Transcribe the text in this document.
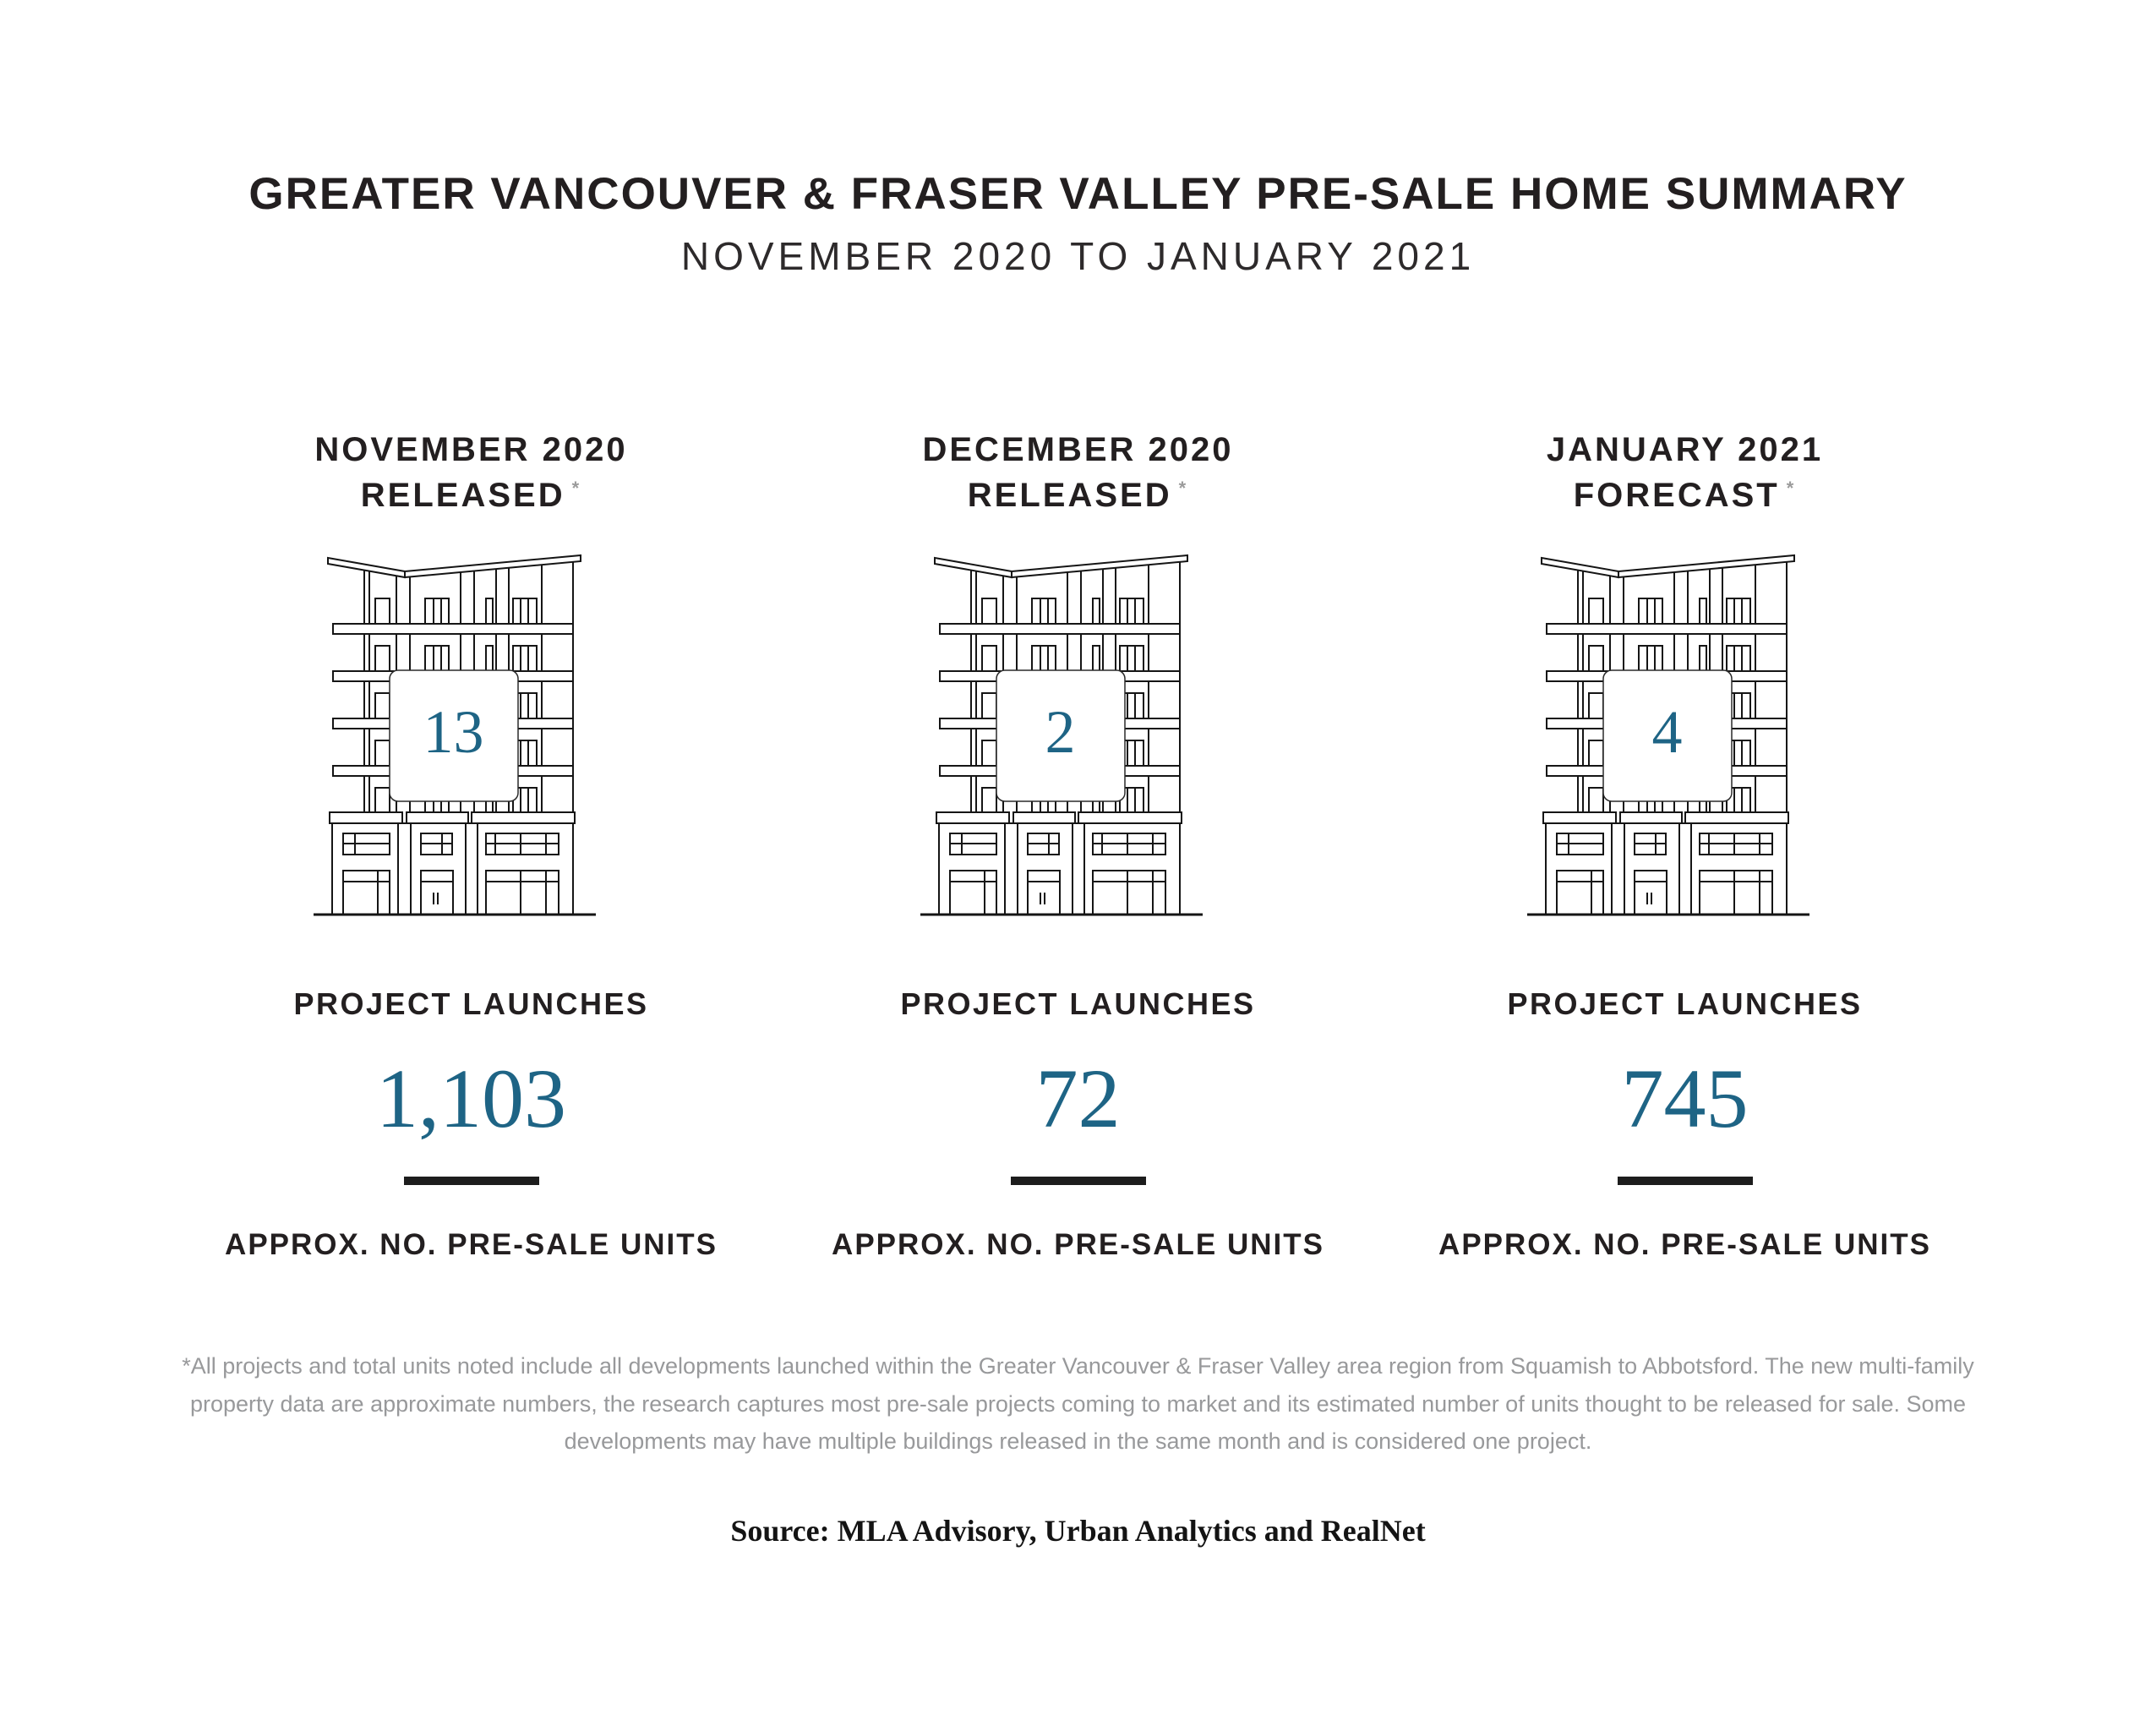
GREATER VANCOUVER & FRASER VALLEY PRE-SALE HOME SUMMARY
NOVEMBER 2020 TO JANUARY 2021
NOVEMBER 2020
RELEASED *
13
PROJECT LAUNCHES
1,103
APPROX. NO. PRE-SALE UNITS
DECEMBER 2020
RELEASED *
2
PROJECT LAUNCHES
72
APPROX. NO. PRE-SALE UNITS
JANUARY 2021
FORECAST *
4
PROJECT LAUNCHES
745
APPROX. NO. PRE-SALE UNITS
*All projects and total units noted include all developments launched within the Greater Vancouver & Fraser Valley area region from Squamish to Abbotsford. The new multi-family property data are approximate numbers, the research captures most pre-sale projects coming to market and its estimated number of units thought to be released for sale. Some developments may have multiple buildings released in the same month and is considered one project.
Source: MLA Advisory, Urban Analytics and RealNet
